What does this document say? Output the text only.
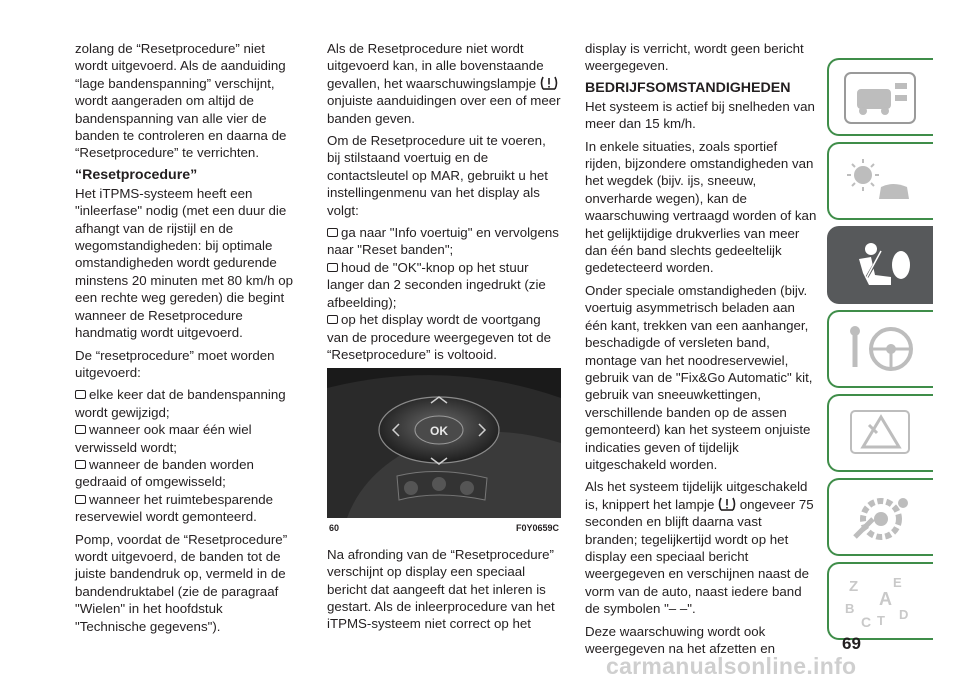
zolang de “Resetprocedure” niet wordt uitgevoerd. Als de aanduiding “lage bandenspanning” verschijnt, wordt aangeraden om altijd de bandenspanning van alle vier de banden te controleren en daarna de “Resetprocedure” te verrichten.

“Resetprocedure”

Het iTPMS-systeem heeft een "inleerfase" nodig (met een duur die afhangt van de rijstijl en de wegomstandigheden: bij optimale omstandigheden wordt gedurende minstens 20 minuten met 80 km/h op een rechte weg gereden) die begint wanneer de Resetprocedure handmatig wordt uitgevoerd.

De “resetprocedure” moet worden uitgevoerd:

elke keer dat de bandenspanning wordt gewijzigd;

wanneer ook maar één wiel verwisseld wordt;

wanneer de banden worden gedraaid of omgewisseld;

wanneer het ruimtebesparende reservewiel wordt gemonteerd.

Pomp, voordat de “Resetprocedure” wordt uitgevoerd, de banden tot de juiste bandendruk op, vermeld in de bandendruktabel (zie de paragraaf "Wielen" in het hoofdstuk "Technische gegevens").

Als de Resetprocedure niet wordt uitgevoerd kan, in alle bovenstaande gevallen, het waarschuwingslampje  onjuiste aanduidingen over een of meer banden geven.

Om de Resetprocedure uit te voeren, bij stilstaand voertuig en de contactsleutel op MAR, gebruikt u het instellingenmenu van het display als volgt:

ga naar "Info voertuig" en vervolgens naar "Reset banden";

houd de "OK"-knop op het stuur langer dan 2 seconden ingedrukt (zie afbeelding);

op het display wordt de voortgang van de procedure weergegeven tot de “Resetprocedure” is voltooid.

OK
60	F0Y0659C

Na afronding van de “Resetprocedure” verschijnt op display een speciaal bericht dat aangeeft dat het inleren is gestart. Als de inleerprocedure van het iTPMS-systeem niet correct op het

display is verricht, wordt geen bericht weergegeven.

BEDRIJFSOMSTANDIGHEDEN

Het systeem is actief bij snelheden van meer dan 15 km/h.

In enkele situaties, zoals sportief rijden, bijzondere omstandigheden van het wegdek (bijv. ijs, sneeuw, onverharde wegen), kan de waarschuwing vertraagd worden of kan het gelijktijdige drukverlies van meer dan één band slechts gedeeltelijk gedetecteerd worden.

Onder speciale omstandigheden (bijv. voertuig asymmetrisch beladen aan één kant, trekken van een aanhanger, beschadigde of versleten band, montage van het noodreservewiel, gebruik van de "Fix&Go Automatic" kit, gebruik van sneeuwkettingen, verschillende banden op de assen gemonteerd) kan het systeem onjuiste indicaties geven of tijdelijk uitgeschakeld worden.

Als het systeem tijdelijk uitgeschakeld is, knippert het lampje ongeveer 75 seconden en blijft daarna vast branden; tegelijkertijd wordt op het display een speciaal bericht weergegeven en verschijnen naast de vorm van de auto, naast iedere band de symbolen "– –".

Deze waarschuwing wordt ook weergegeven na het afzetten en

Z	E
A
B
C T D
69
carmanualsonline.info
